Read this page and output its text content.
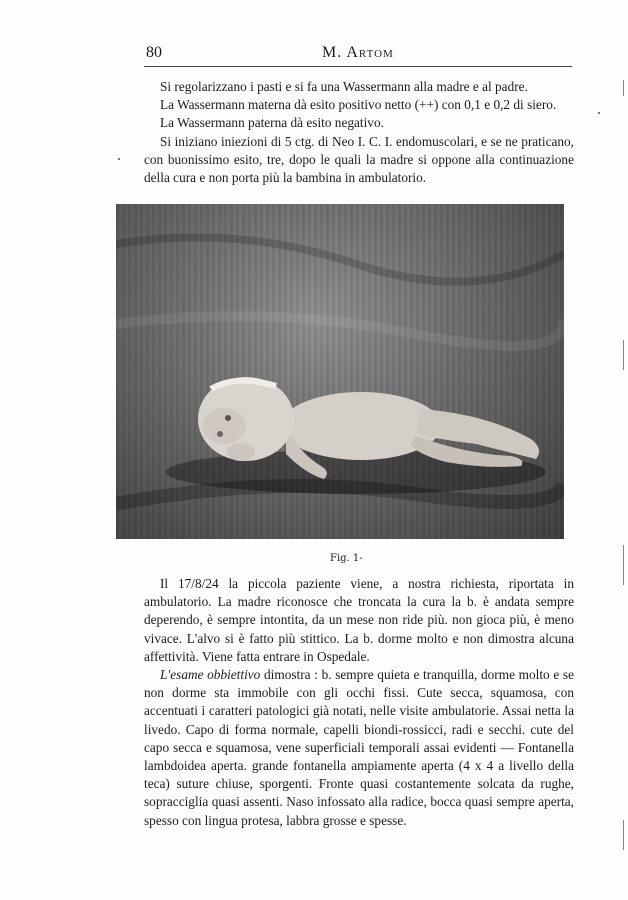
80	M. Artom

Si regolarizzano i pasti e si fa una Wassermann alla madre e al padre.

La Wassermann materna dà esito positivo netto (++) con 0,1 e 0,2 di siero.

La Wassermann paterna dà esito negativo.

Si iniziano iniezioni di 5 ctg. di Neo I. C. I. endomuscolari, e se ne praticano, con buonissimo esito, tre, dopo le quali la madre si oppone alla continuazione della cura e non porta più la bambina in ambulatorio.

Fig. 1-

Il 17/8/24 la piccola paziente viene, a nostra richiesta, riportata in ambulatorio. La madre riconosce che troncata la cura la b. è andata sempre deperendo, è sempre intontita, da un mese non ride più. non gioca più, è meno vivace. L'alvo si è fatto più stittico. La b. dorme molto e non dimostra alcuna affettività. Viene fatta entrare in Ospedale.

L'esame obbiettivo dimostra : b. sempre quieta e tranquilla, dorme molto e se non dorme sta immobile con gli occhi fissi. Cute secca, squamosa, con accentuati i caratteri patologici già notati, nelle visite ambulatorie. Assai netta la livedo. Capo di forma normale, capelli biondi-rossicci, radi e secchi. cute del capo secca e squamosa, vene superficiali temporali assai evidenti — Fontanella lambdoidea aperta. grande fontanella ampiamente aperta (4 x 4 a livello della teca) suture chiuse, sporgenti. Fronte quasi costantemente solcata da rughe, sopracciglia quasi assenti. Naso infossato alla radice, bocca quasi sempre aperta, spesso con lingua protesa, labbra grosse e spesse.
